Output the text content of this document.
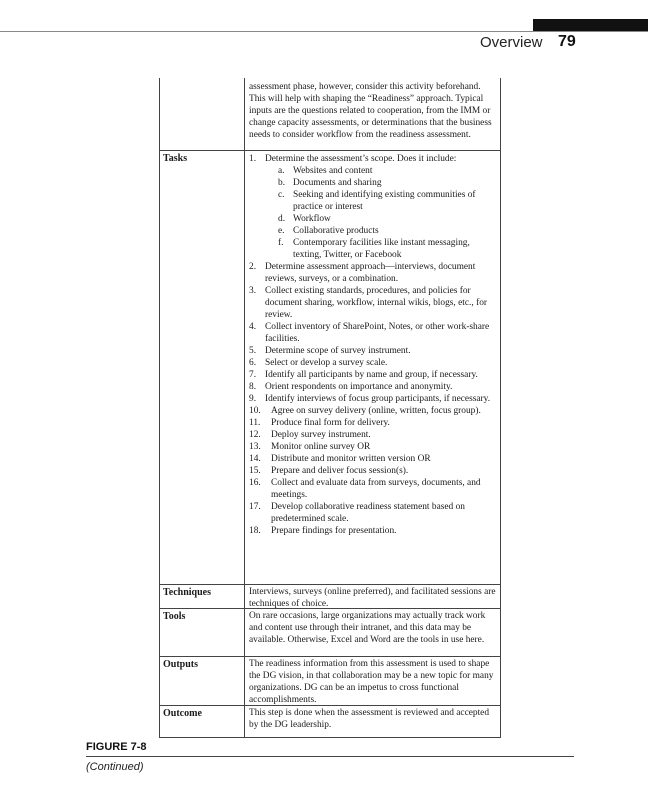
Overview 79

assessment phase, however, consider this activity beforehand. This will help with shaping the “Readiness” approach. Typical inputs are the questions related to cooperation, from the IMM or change capacity assessments, or determinations that the business needs to consider workflow from the readiness assessment.

Tasks	1. Determine the assessment’s scope. Does it include:
a. Websites and content
b. Documents and sharing
c. Seeking and identifying existing communities of practice or interest
d. Workflow
e. Collaborative products
f. Contemporary facilities like instant messaging, texting, Twitter, or Facebook
2. Determine assessment approach—interviews, document reviews, surveys, or a combination.
3. Collect existing standards, procedures, and policies for document sharing, workflow, internal wikis, blogs, etc., for review.
4. Collect inventory of SharePoint, Notes, or other work-share facilities.
5. Determine scope of survey instrument.
6. Select or develop a survey scale.
7. Identify all participants by name and group, if necessary.
8. Orient respondents on importance and anonymity.
9. Identify interviews of focus group participants, if necessary.
10. Agree on survey delivery (online, written, focus group).
11. Produce final form for delivery.
12. Deploy survey instrument.
13. Monitor online survey OR
14. Distribute and monitor written version OR
15. Prepare and deliver focus session(s).
16. Collect and evaluate data from surveys, documents, and meetings.
17. Develop collaborative readiness statement based on predetermined scale.
18. Prepare findings for presentation.
Techniques	Interviews, surveys (online preferred), and facilitated sessions are techniques of choice.

Tools	On rare occasions, large organizations may actually track work and content use through their intranet, and this data may be available. Otherwise, Excel and Word are the tools in use here.

Outputs	The readiness information from this assessment is used to shape the DG vision, in that collaboration may be a new topic for many organizations. DG can be an impetus to cross functional accomplishments.

Outcome	This step is done when the assessment is reviewed and accepted by the DG leadership.

FIGURE 7-8
(Continued)
